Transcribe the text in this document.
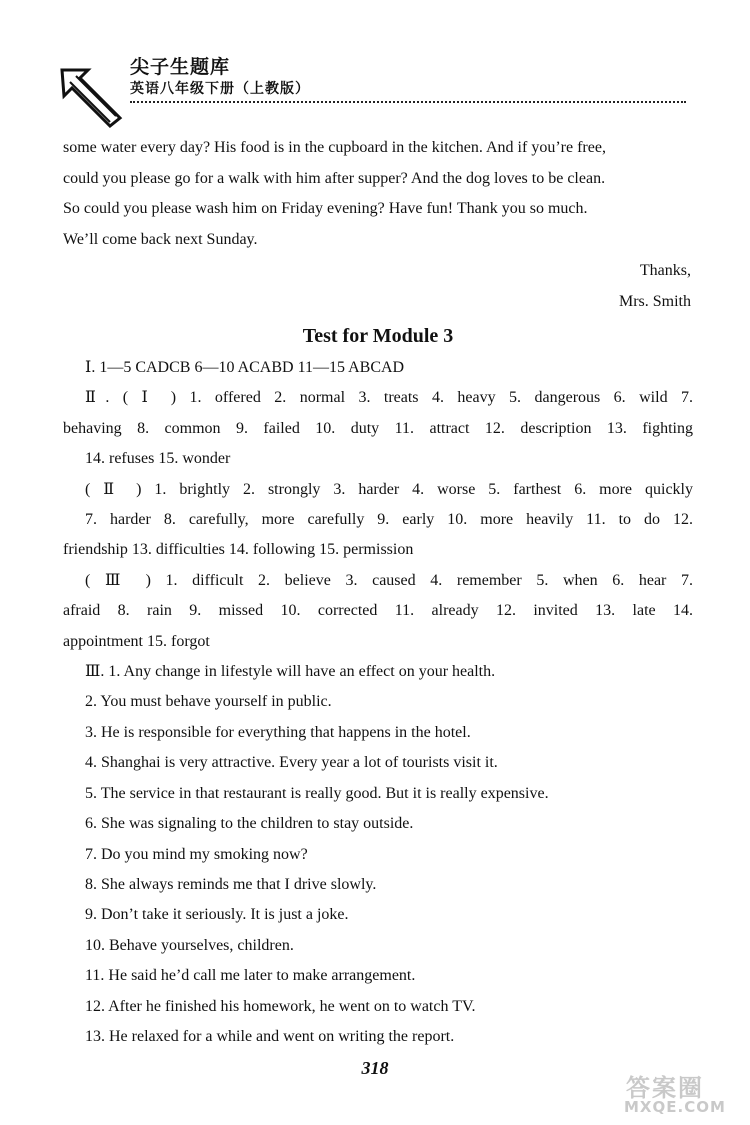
尖子生题库
英语八年级下册（上教版）

some water every day? His food is in the cupboard in the kitchen. And if you’re free,

could you please go for a walk with him after supper? And the dog loves to be clean.

So could you please wash him on Friday evening? Have fun! Thank you so much.

We’ll come back next Sunday.

Thanks,

Mrs. Smith

Test for Module 3

Ⅰ. 1—5 CADCB 6—10 ACABD 11—15 ABCAD

Ⅱ. ( Ⅰ ) 1. offered 2. normal 3. treats 4. heavy 5. dangerous 6. wild 7.

behaving 8. common 9. failed 10. duty 11. attract 12. description 13. fighting

14. refuses 15. wonder

( Ⅱ ) 1. brightly 2. strongly 3. harder 4. worse 5. farthest 6. more quickly

7. harder 8. carefully, more carefully 9. early 10. more heavily 11. to do 12.

friendship 13. difficulties 14. following 15. permission

( Ⅲ ) 1. difficult 2. believe 3. caused 4. remember 5. when 6. hear 7.

afraid 8. rain 9. missed 10. corrected 11. already 12. invited 13. late 14.

appointment 15. forgot

Ⅲ. 1. Any change in lifestyle will have an effect on your health.

2. You must behave yourself in public.

3. He is responsible for everything that happens in the hotel.

4. Shanghai is very attractive. Every year a lot of tourists visit it.

5. The service in that restaurant is really good. But it is really expensive.

6. She was signaling to the children to stay outside.

7. Do you mind my smoking now?

8. She always reminds me that I drive slowly.

9. Don’t take it seriously. It is just a joke.

10. Behave yourselves, children.

11. He said he’d call me later to make arrangement.

12. After he finished his homework, he went on to watch TV.

13. He relaxed for a while and went on writing the report.

318
答案圈
MXQE.COM
